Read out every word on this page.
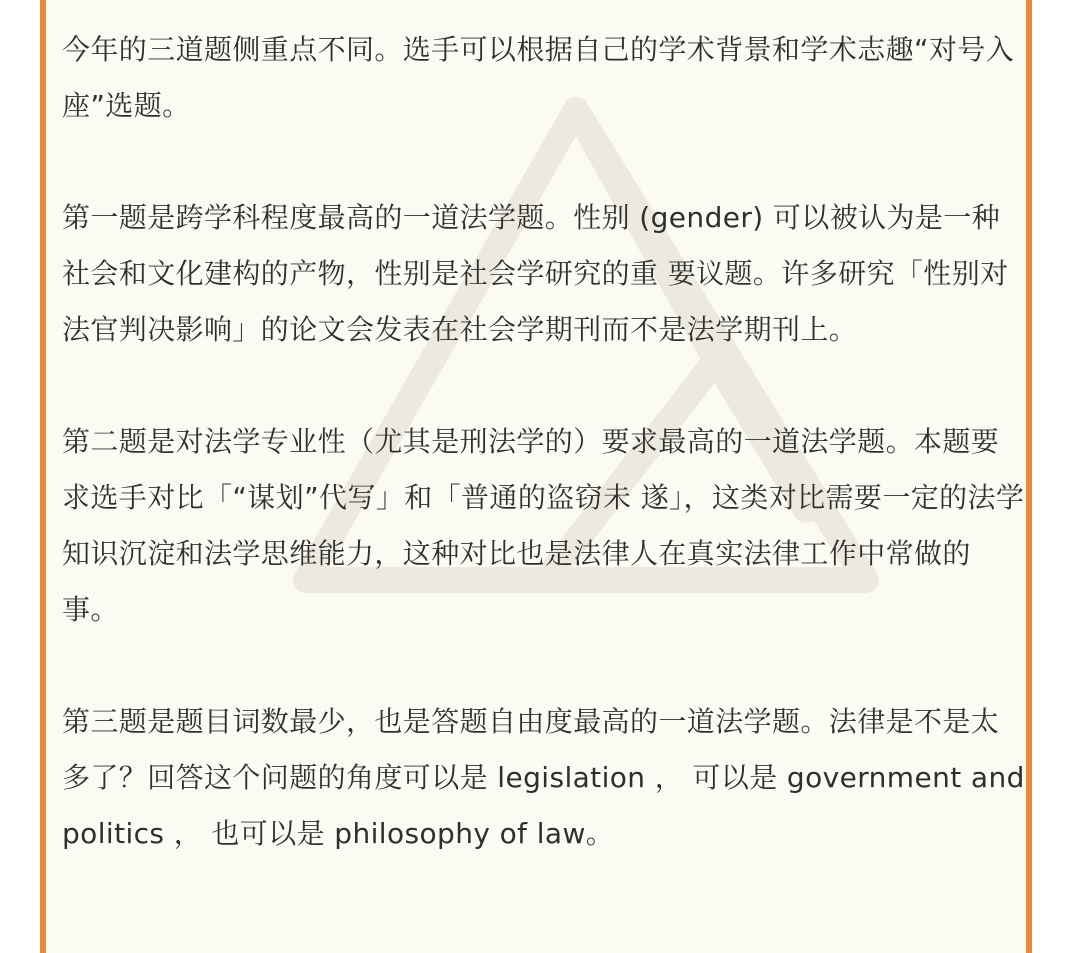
今年的三道题侧重点不同。选手可以根据自己的学术背景和学术志趣“对号入座”选题。

第一题是跨学科程度最高的一道法学题。性别 (gender) 可以被认为是一种社会和文化建构的产物，性别是社会学研究的重 要议题。许多研究「性别对法官判决影响」的论文会发表在社会学期刊而不是法学期刊上。

第二题是对法学专业性（尤其是刑法学的）要求最高的一道法学题。本题要求选手对比「“谋划”代写」和「普通的盗窃未 遂」，这类对比需要一定的法学知识沉淀和法学思维能力，这种对比也是法律人在真实法律工作中常做的事。

第三题是题目词数最少，也是答题自由度最高的一道法学题。法律是不是太多了？回答这个问题的角度可以是 legislation ， 可以是 government and politics ， 也可以是 philosophy of law。
